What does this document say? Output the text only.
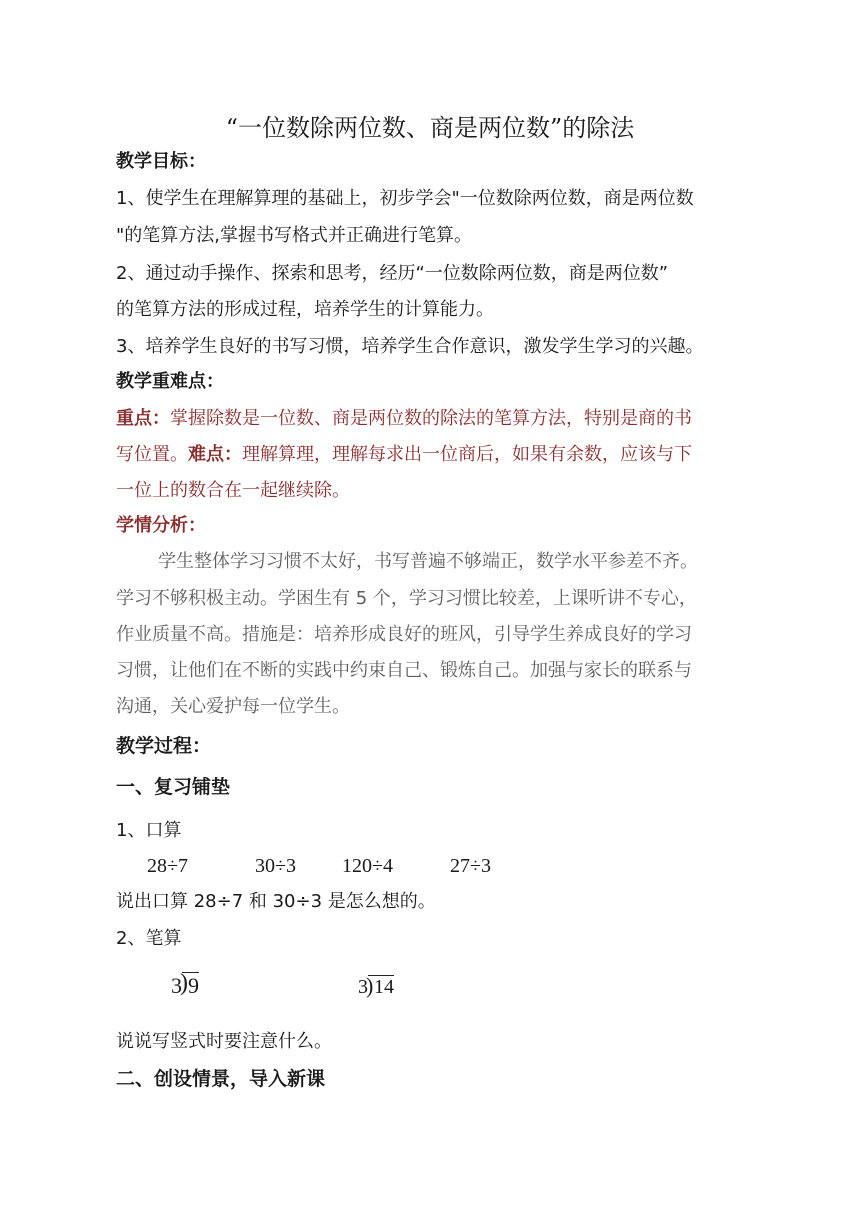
“一位数除两位数、商是两位数”的除法
教学目标：
1、使学生在理解算理的基础上，初步学会"一位数除两位数，商是两位数
"的笔算方法,掌握书写格式并正确进行笔算。
2、通过动手操作、探索和思考，经历“一位数除两位数，商是两位数”
的笔算方法的形成过程，培养学生的计算能力。
3、培养学生良好的书写习惯，培养学生合作意识，激发学生学习的兴趣。
教学重难点：
重点：掌握除数是一位数、商是两位数的除法的笔算方法，特别是商的书
写位置。难点：理解算理，理解每求出一位商后，如果有余数，应该与下
一位上的数合在一起继续除。
学情分析：
学生整体学习习惯不太好，书写普遍不够端正，数学水平参差不齐。
学习不够积极主动。学困生有 5 个，学习习惯比较差，上课听讲不专心，
作业质量不高。措施是：培养形成良好的班风，引导学生养成良好的学习
习惯，让他们在不断的实践中约束自己、锻炼自己。加强与家长的联系与
沟通，关心爱护每一位学生。
教学过程：
一、复习铺垫
1、口算
28÷7	30÷3 120÷4	27÷3
说出口算 28÷7 和 30÷3 是怎么想的。
2、笔算
3
) 9	3
) 14
说说写竖式时要注意什么。
二、创设情景，导入新课
